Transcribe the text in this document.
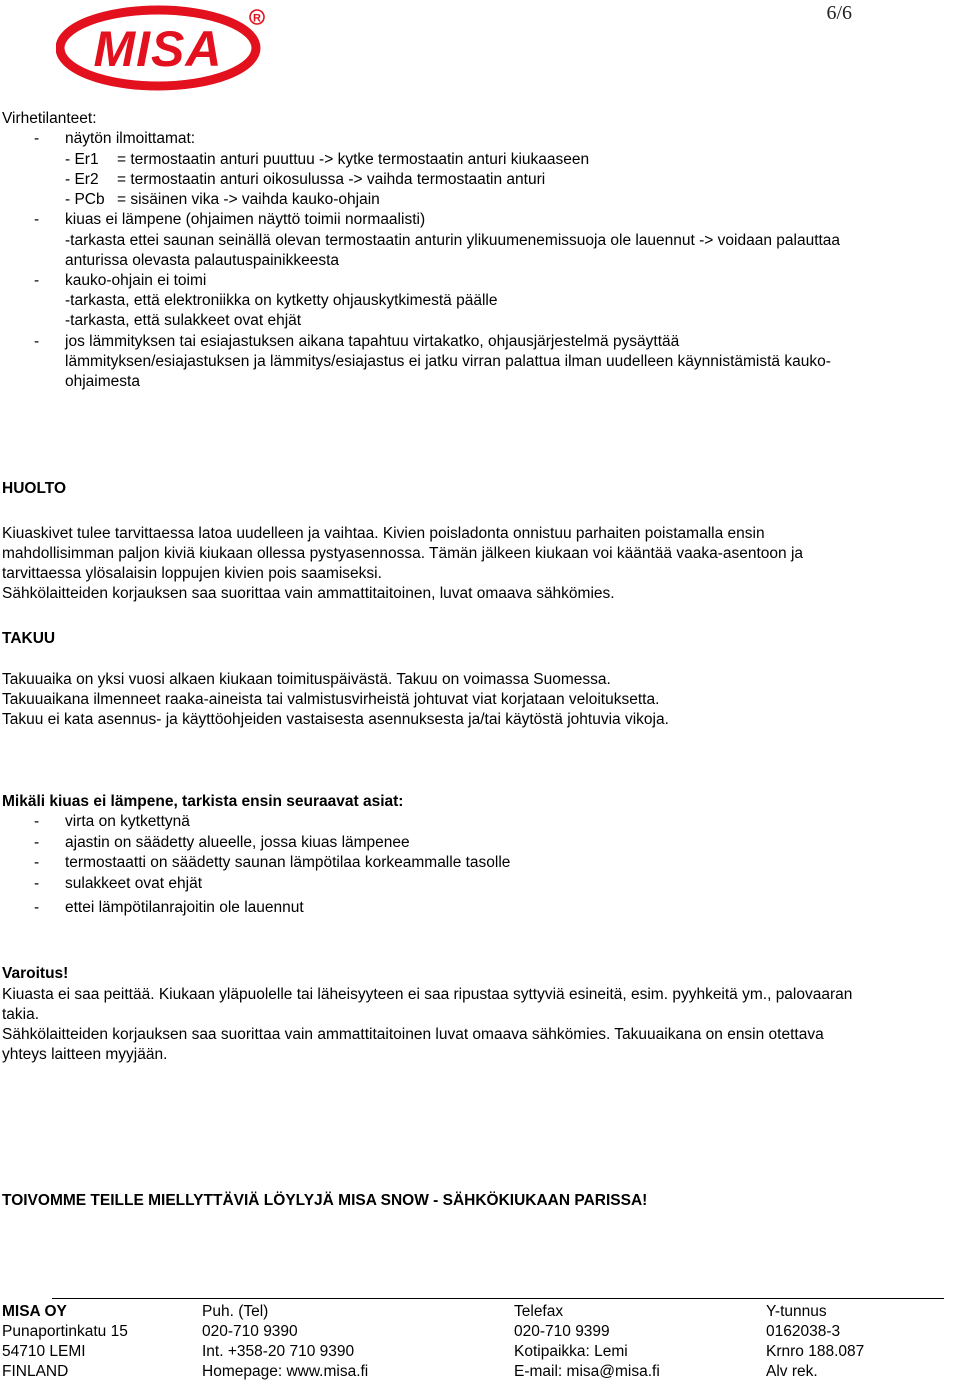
6/6
MISA
R
Virhetilanteet:
- näytön ilmoittamat:
- Er1 = termostaatin anturi puuttuu -> kytke termostaatin anturi kiukaaseen
- Er2 = termostaatin anturi oikosulussa -> vaihda termostaatin anturi
- PCb = sisäinen vika -> vaihda kauko-ohjain
- kiuas ei lämpene (ohjaimen näyttö toimii normaalisti)
-tarkasta ettei saunan seinällä olevan termostaatin anturin ylikuumenemissuoja ole lauennut -> voidaan palauttaa
anturissa olevasta palautuspainikkeesta
- kauko-ohjain ei toimi
-tarkasta, että elektroniikka on kytketty ohjauskytkimestä päälle
-tarkasta, että sulakkeet ovat ehjät
- jos lämmityksen tai esiajastuksen aikana tapahtuu virtakatko, ohjausjärjestelmä pysäyttää
lämmityksen/esiajastuksen ja lämmitys/esiajastus ei jatku virran palattua ilman uudelleen käynnistämistä kauko-
ohjaimesta
HUOLTO
Kiuaskivet tulee tarvittaessa latoa uudelleen ja vaihtaa. Kivien poisladonta onnistuu parhaiten poistamalla ensin
mahdollisimman paljon kiviä kiukaan ollessa pystyasennossa. Tämän jälkeen kiukaan voi kääntää vaaka-asentoon ja
tarvittaessa ylösalaisin loppujen kivien pois saamiseksi.
Sähkölaitteiden korjauksen saa suorittaa vain ammattitaitoinen, luvat omaava sähkömies.
TAKUU
Takuuaika on yksi vuosi alkaen kiukaan toimituspäivästä. Takuu on voimassa Suomessa.
Takuuaikana ilmenneet raaka-aineista tai valmistusvirheistä johtuvat viat korjataan veloituksetta.
Takuu ei kata asennus- ja käyttöohjeiden vastaisesta asennuksesta ja/tai käytöstä johtuvia vikoja.
Mikäli kiuas ei lämpene, tarkista ensin seuraavat asiat:
- virta on kytkettynä
- ajastin on säädetty alueelle, jossa kiuas lämpenee
- termostaatti on säädetty saunan lämpötilaa korkeammalle tasolle
- sulakkeet ovat ehjät
- ettei lämpötilanrajoitin ole lauennut
Varoitus!
Kiuasta ei saa peittää. Kiukaan yläpuolelle tai läheisyyteen ei saa ripustaa syttyviä esineitä, esim. pyyhkeitä ym., palovaaran
takia.
Sähkölaitteiden korjauksen saa suorittaa vain ammattitaitoinen luvat omaava sähkömies. Takuuaikana on ensin otettava
yhteys laitteen myyjään.
TOIVOMME TEILLE MIELLYTTÄVIÄ LÖYLYJÄ MISA SNOW - SÄHKÖKIUKAAN PARISSA!
MISA OY
Punaportinkatu 15
54710 LEMI
FINLAND
Puh. (Tel)
020-710 9390
Int. +358-20 710 9390
Homepage: www.misa.fi
Telefax
020-710 9399
Kotipaikka: Lemi
E-mail: misa@misa.fi
Y-tunnus
0162038-3
Krnro 188.087
Alv rek.
